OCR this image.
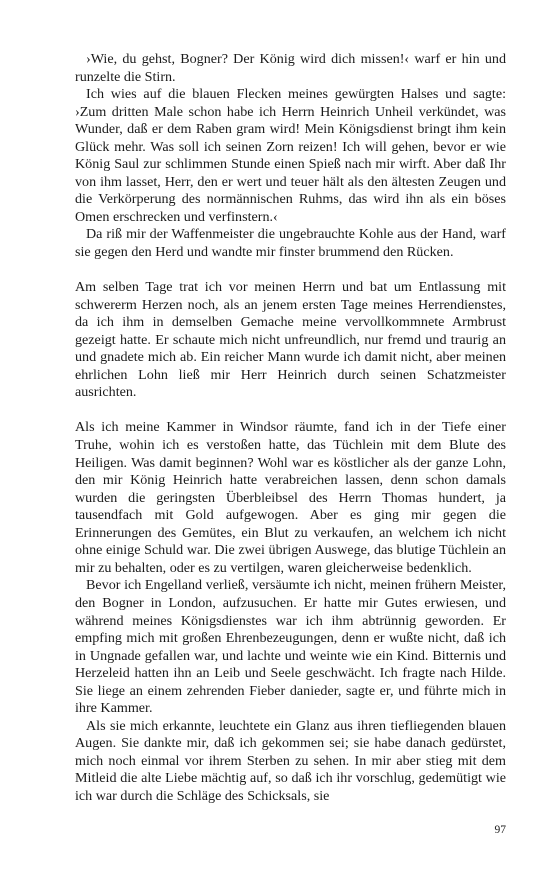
›Wie, du gehst, Bogner? Der König wird dich missen!‹ warf er hin und runzelte die Stirn.

Ich wies auf die blauen Flecken meines gewürgten Halses und sagte: ›Zum dritten Male schon habe ich Herrn Heinrich Unheil verkündet, was Wunder, daß er dem Raben gram wird! Mein Königsdienst bringt ihm kein Glück mehr. Was soll ich seinen Zorn reizen! Ich will gehen, bevor er wie König Saul zur schlimmen Stunde einen Spieß nach mir wirft. Aber daß Ihr von ihm lasset, Herr, den er wert und teuer hält als den ältesten Zeugen und die Verkörperung des normännischen Ruhms, das wird ihn als ein böses Omen erschrecken und verfinstern.‹

Da riß mir der Waffenmeister die ungebrauchte Kohle aus der Hand, warf sie gegen den Herd und wandte mir finster brummend den Rücken.

Am selben Tage trat ich vor meinen Herrn und bat um Entlassung mit schwererm Herzen noch, als an jenem ersten Tage meines Herrendienstes, da ich ihm in demselben Gemache meine vervollkommnete Armbrust gezeigt hatte. Er schaute mich nicht unfreundlich, nur fremd und traurig an und gnadete mich ab. Ein reicher Mann wurde ich damit nicht, aber meinen ehrlichen Lohn ließ mir Herr Heinrich durch seinen Schatzmeister ausrichten.

Als ich meine Kammer in Windsor räumte, fand ich in der Tiefe einer Truhe, wohin ich es verstoßen hatte, das Tüchlein mit dem Blute des Heiligen. Was damit beginnen? Wohl war es köstlicher als der ganze Lohn, den mir König Heinrich hatte verabreichen lassen, denn schon damals wurden die geringsten Überbleibsel des Herrn Thomas hundert, ja tausendfach mit Gold aufgewogen. Aber es ging mir gegen die Erinnerungen des Gemütes, ein Blut zu verkaufen, an welchem ich nicht ohne einige Schuld war. Die zwei übrigen Auswege, das blutige Tüchlein an mir zu behalten, oder es zu vertilgen, waren gleicherweise bedenklich.

Bevor ich Engelland verließ, versäumte ich nicht, meinen frühern Meister, den Bogner in London, aufzusuchen. Er hatte mir Gutes erwiesen, und während meines Königsdienstes war ich ihm abtrünnig geworden. Er empfing mich mit großen Ehrenbezeugungen, denn er wußte nicht, daß ich in Ungnade gefallen war, und lachte und weinte wie ein Kind. Bitternis und Herzeleid hatten ihn an Leib und Seele geschwächt. Ich fragte nach Hilde. Sie liege an einem zehrenden Fieber danieder, sagte er, und führte mich in ihre Kammer.

Als sie mich erkannte, leuchtete ein Glanz aus ihren tiefliegenden blauen Augen. Sie dankte mir, daß ich gekommen sei; sie habe danach gedürstet, mich noch einmal vor ihrem Sterben zu sehen. In mir aber stieg mit dem Mitleid die alte Liebe mächtig auf, so daß ich ihr vorschlug, gedemütigt wie ich war durch die Schläge des Schicksals, sie

97
